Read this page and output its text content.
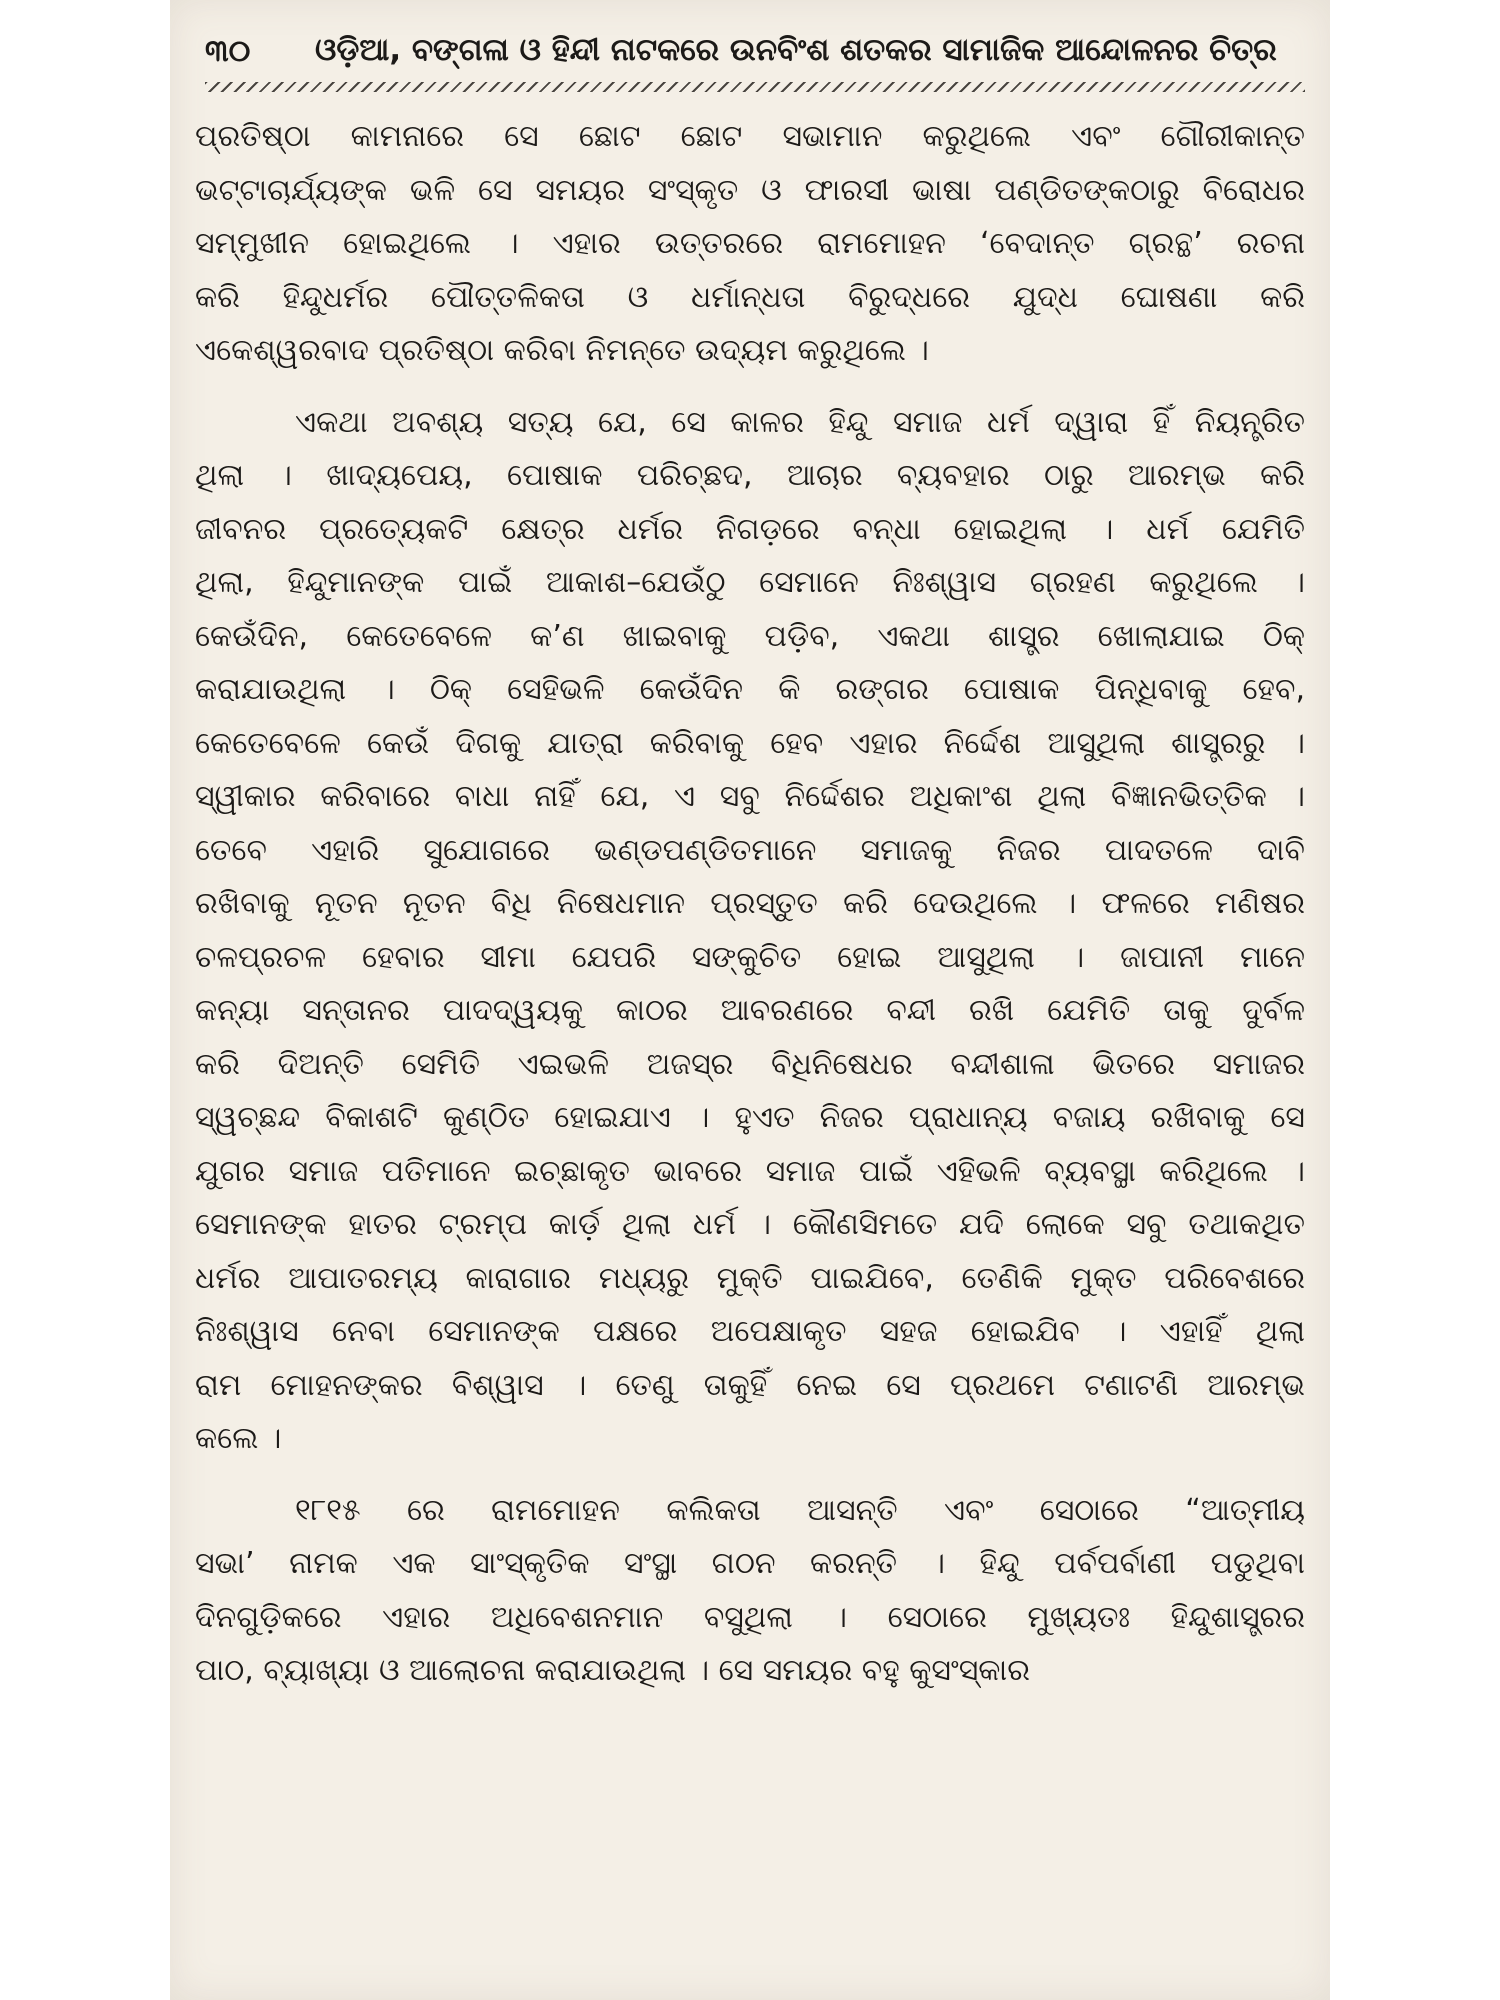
୩୦ ଓଡ଼ିଆ, ବଙ୍ଗଳା ଓ ହିନ୍ଦୀ ନାଟକରେ ଉନବିଂଶ ଶତକର ସାମାଜିକ ଆନ୍ଦୋଳନର ଚିତ୍ର
ପ୍ରତିଷ୍ଠା କାମନାରେ ସେ ଛୋଟ ଛୋଟ ସଭାମାନ କରୁଥିଲେ ଏବଂ ଗୌରୀକାନ୍ତ
ଭଟ୍ଟାଚାର୍ଯ୍ୟଙ୍କ ଭଳି ସେ ସମୟର ସଂସ୍କୃତ ଓ ଫାରସୀ ଭାଷା ପଣ୍ଡିତଙ୍କଠାରୁ ବିରୋଧର
ସମ୍ମୁଖୀନ ହୋଇଥିଲେ । ଏହାର ଉତ୍ତରରେ ରାମମୋହନ ‘ବେଦାନ୍ତ ଗ୍ରନ୍ଥ’ ରଚନା
କରି ହିନ୍ଦୁଧର୍ମର ପୌତ୍ତଳିକତା ଓ ଧର୍ମାନ୍ଧତା ବିରୁଦ୍ଧରେ ଯୁଦ୍ଧ ଘୋଷଣା କରି
ଏକେଶ୍ୱରବାଦ ପ୍ରତିଷ୍ଠା କରିବା ନିମନ୍ତେ ଉଦ୍ୟମ କରୁଥିଲେ ।
ଏକଥା ଅବଶ୍ୟ ସତ୍ୟ ଯେ, ସେ କାଳର ହିନ୍ଦୁ ସମାଜ ଧର୍ମ ଦ୍ୱାରା ହିଁ ନିୟନ୍ତ୍ରିତ
ଥିଲା । ଖାଦ୍ୟପେୟ, ପୋଷାକ ପରିଚ୍ଛଦ, ଆଚାର ବ୍ୟବହାର ଠାରୁ ଆରମ୍ଭ କରି
ଜୀବନର ପ୍ରତ୍ୟେକଟି କ୍ଷେତ୍ର ଧର୍ମର ନିଗଡ଼ରେ ବନ୍ଧା ହୋଇଥିଲା । ଧର୍ମ ଯେମିତି
ଥିଲା, ହିନ୍ଦୁମାନଙ୍କ ପାଇଁ ଆକାଶ–ଯେଉଁଠୁ ସେମାନେ ନିଃଶ୍ୱାସ ଗ୍ରହଣ କରୁଥିଲେ ।
କେଉଁଦିନ, କେତେବେଳେ କ’ଣ ଖାଇବାକୁ ପଡ଼ିବ, ଏକଥା ଶାସ୍ତ୍ର ଖୋଲାଯାଇ ଠିକ୍
କରାଯାଉଥିଲା । ଠିକ୍ ସେହିଭଳି କେଉଁଦିନ କି ରଙ୍ଗର ପୋଷାକ ପିନ୍ଧିବାକୁ ହେବ,
କେତେବେଳେ କେଉଁ ଦିଗକୁ ଯାତ୍ରା କରିବାକୁ ହେବ ଏହାର ନିର୍ଦ୍ଦେଶ ଆସୁଥିଲା ଶାସ୍ତ୍ରରୁ ।
ସ୍ୱୀକାର କରିବାରେ ବାଧା ନାହିଁ ଯେ, ଏ ସବୁ ନିର୍ଦ୍ଦେଶର ଅଧିକାଂଶ ଥିଲା ବିଜ୍ଞାନଭିତ୍ତିକ ।
ତେବେ ଏହାରି ସୁଯୋଗରେ ଭଣ୍ଡପଣ୍ଡିତମାନେ ସମାଜକୁ ନିଜର ପାଦତଳେ ଦାବି
ରଖିବାକୁ ନୂତନ ନୂତନ ବିଧି ନିଷେଧମାନ ପ୍ରସ୍ତୁତ କରି ଦେଉଥିଲେ । ଫଳରେ ମଣିଷର
ଚଳପ୍ରଚଳ ହେବାର ସୀମା ଯେପରି ସଙ୍କୁଚିତ ହୋଇ ଆସୁଥିଲା । ଜାପାନୀ ମାନେ
କନ୍ୟା ସନ୍ତାନର ପାଦଦ୍ୱୟକୁ କାଠର ଆବରଣରେ ବନ୍ଦୀ ରଖି ଯେମିତି ତାକୁ ଦୁର୍ବଳ
କରି ଦିଅନ୍ତି ସେମିତି ଏଇଭଳି ଅଜସ୍ର ବିଧିନିଷେଧର ବନ୍ଦୀଶାଳା ଭିତରେ ସମାଜର
ସ୍ୱଚ୍ଛନ୍ଦ ବିକାଶଟି କୁଣ୍ଠିତ ହୋଇଯାଏ । ହୁଏତ ନିଜର ପ୍ରାଧାନ୍ୟ ବଜାୟ ରଖିବାକୁ ସେ
ଯୁଗର ସମାଜ ପତିମାନେ ଇଚ୍ଛାକୃତ ଭାବରେ ସମାଜ ପାଇଁ ଏହିଭଳି ବ୍ୟବସ୍ଥା କରିଥିଲେ ।
ସେମାନଙ୍କ ହାତର ଟ୍ରମ୍ପ କାର୍ଡ଼ ଥିଲା ଧର୍ମ । କୌଣସିମତେ ଯଦି ଲୋକେ ସବୁ ତଥାକଥିତ
ଧର୍ମର ଆପାତରମ୍ୟ କାରାଗାର ମଧ୍ୟରୁ ମୁକ୍ତି ପାଇଯିବେ, ତେଣିକି ମୁକ୍ତ ପରିବେଶରେ
ନିଃଶ୍ୱାସ ନେବା ସେମାନଙ୍କ ପକ୍ଷରେ ଅପେକ୍ଷାକୃତ ସହଜ ହୋଇଯିବ । ଏହାହିଁ ଥିଲା
ରାମ ମୋହନଙ୍କର ବିଶ୍ୱାସ । ତେଣୁ ତାକୁହିଁ ନେଇ ସେ ପ୍ରଥମେ ଟଣାଟଣି ଆରମ୍ଭ
କଲେ ।
୧୮୧୫ ରେ ରାମମୋହନ କଲିକତା ଆସନ୍ତି ଏବଂ ସେଠାରେ “ଆତ୍ମୀୟ
ସଭା’ ନାମକ ଏକ ସାଂସ୍କୃତିକ ସଂସ୍ଥା ଗଠନ କରନ୍ତି । ହିନ୍ଦୁ ପର୍ବପର୍ବାଣୀ ପଡୁଥିବା
ଦିନଗୁଡ଼ିକରେ ଏହାର ଅଧିବେଶନମାନ ବସୁଥିଲା । ସେଠାରେ ମୁଖ୍ୟତଃ ହିନ୍ଦୁଶାସ୍ତ୍ରର
ପାଠ, ବ୍ୟାଖ୍ୟା ଓ ଆଲୋଚନା କରାଯାଉଥିଲା । ସେ ସମୟର ବହୁ କୁସଂସ୍କାର
